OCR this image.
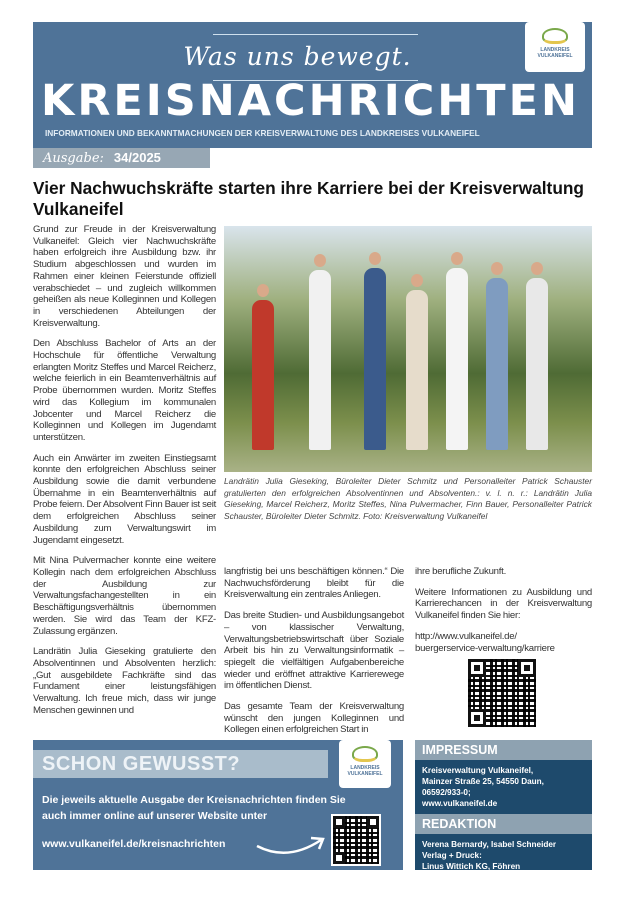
Was uns bewegt.
KREISNACHRICHTEN
INFORMATIONEN UND BEKANNTMACHUNGEN DER KREISVERWALTUNG DES LANDKREISES VULKANEIFEL
LANDKREIS VULKANEIFEL
Ausgabe: 34/2025
Vier Nachwuchskräfte starten ihre Karriere bei der Kreisverwaltung Vulkaneifel

Grund zur Freude in der Kreisverwaltung Vulkaneifel: Gleich vier Nachwuchskräfte haben erfolgreich ihre Ausbildung bzw. ihr Studium abgeschlossen und wurden im Rahmen einer kleinen Feierstunde offiziell verabschiedet – und zugleich willkommen geheißen als neue Kolleginnen und Kollegen in verschiedenen Abteilungen der Kreisverwaltung.

Den Abschluss Bachelor of Arts an der Hochschule für öffentliche Verwaltung erlangten Moritz Steffes und Marcel Reicherz, welche feierlich in ein Beamtenverhältnis auf Probe übernommen wurden. Moritz Steffes wird das Kollegium im kommunalen Jobcenter und Marcel Reicherz die Kolleginnen und Kollegen im Jugendamt unterstützen.

Auch ein Anwärter im zweiten Einstiegsamt konnte den erfolgreichen Abschluss seiner Ausbildung sowie die damit verbundene Übernahme in ein Beamtenverhältnis auf Probe feiern. Der Absolvent Finn Bauer ist seit dem erfolgreichen Abschluss seiner Ausbildung zum Verwaltungswirt im Jugendamt eingesetzt.

Mit Nina Pulvermacher konnte eine weitere Kollegin nach dem erfolgreichen Abschluss der Ausbildung zur Verwaltungsfachangestellten in ein Beschäftigungsverhältnis übernommen werden. Sie wird das Team der KFZ-Zulassung ergänzen.

Landrätin Julia Gieseking gratulierte den Absolventinnen und Absolventen herzlich: „Gut ausgebildete Fachkräfte sind das Fundament einer leistungsfähigen Verwaltung. Ich freue mich, dass wir junge Menschen gewinnen und

Landrätin Julia Gieseking, Büroleiter Dieter Schmitz und Personalleiter Patrick Schauster gratulierten den erfolgreichen Absolventinnen und Absolventen.: v. l. n. r.: Landrätin Julia Gieseking, Marcel Reicherz, Moritz Steffes, Nina Pulvermacher, Finn Bauer, Personalleiter Patrick Schauster, Büroleiter Dieter Schmitz. Foto: Kreisverwaltung Vulkaneifel

langfristig bei uns beschäftigen können.“ Die Nachwuchsförderung bleibt für die Kreisverwaltung ein zentrales Anliegen.

Das breite Studien- und Ausbildungsangebot – von klassischer Verwaltung, Verwaltungsbetriebswirtschaft über Soziale Arbeit bis hin zu Verwaltungsinformatik – spiegelt die vielfältigen Aufgabenbereiche wieder und eröffnet attraktive Karrierewege im öffentlichen Dienst.

Das gesamte Team der Kreisverwaltung wünscht den jungen Kolleginnen und Kollegen einen erfolgreichen Start in

ihre berufliche Zukunft.

Weitere Informationen zu Ausbildung und Karrierechancen in der Kreisverwaltung Vulkaneifel finden Sie hier:

http://www.vulkaneifel.de/
buergerservice-verwaltung/karriere
SCHON GEWUSST?	LANDKREIS VULKANEIFEL
Die jeweils aktuelle Ausgabe der Kreisnachrichten finden Sie
auch immer online auf unserer Website unter
www.vulkaneifel.de/kreisnachrichten
IMPRESSUM
Kreisverwaltung Vulkaneifel,
Mainzer Straße 25, 54550 Daun,
06592/933-0;
www.vulkaneifel.de
REDAKTION
Verena Bernardy, Isabel Schneider
Verlag + Druck:
Linus Wittich KG, Föhren
